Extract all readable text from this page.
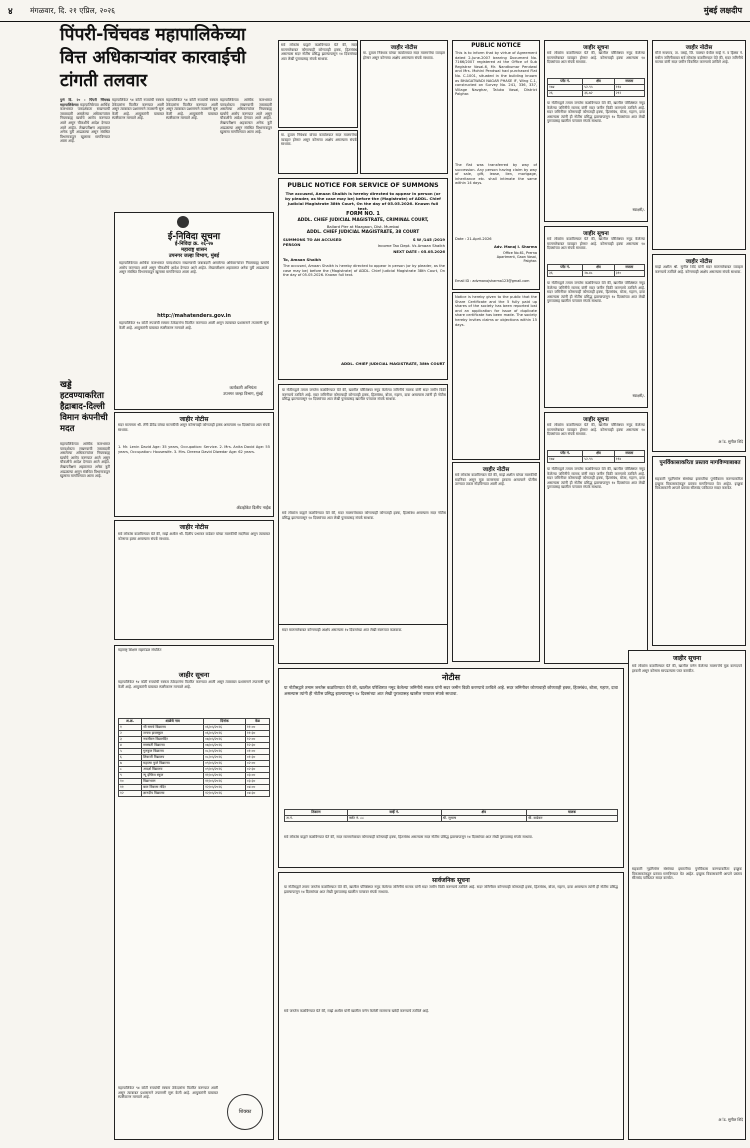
४ मंगळवार, दि. २१ एप्रिल, २०२६	मुंबई लक्षदीप
पिंपरी-चिंचवड महापालिकेच्या वित्त अधिकाऱ्यांवर कारवाईची टांगती तलवार
पुणे दि. २० : पिंपरी चिंचवड महापालिकेच्या महापालिकेच्या आर्थिक कारभारात पारदर्शकता राखण्याची जबाबदारी असलेल्या अधिकाऱ्यांवर नियमबाह्य खर्चाचे आरोप करण्यात आले असून चौकशीचे आदेश देण्यात आले आहेत. लेखापरीक्षण अहवालात अनेक त्रुटी आढळल्या असून संबंधित विभागाकडून खुलासा मागविण्यात आला आहे.
महापालिकेत ९४ कोटी रुपयांची रक्कम ठेकेदारांना वितरित करण्यात आली असून त्याबाबत प्रशासनाने तपासणी सुरू केली आहे. आयुक्तांनी याबाबत स्पष्टीकरण मागवले आहे.
महापालिकेत ९४ कोटी रुपयांची रक्कम ठेकेदारांना वितरित करण्यात आली असून त्याबाबत प्रशासनाने तपासणी सुरू केली आहे. आयुक्तांनी याबाबत स्पष्टीकरण मागवले आहे.
महापालिकेच्या आर्थिक कारभारात पारदर्शकता राखण्याची जबाबदारी असलेल्या अधिकाऱ्यांवर नियमबाह्य खर्चाचे आरोप करण्यात आले असून चौकशीचे आदेश देण्यात आले आहेत. लेखापरीक्षण अहवालात अनेक त्रुटी आढळल्या असून संबंधित विभागाकडून खुलासा मागविण्यात आला आहे.
खड्डे हटवण्याकरिता हैद्राबाद-दिल्ली विमान कंपनीची मदत
महापालिकेच्या आर्थिक कारभारात पारदर्शकता राखण्याची जबाबदारी असलेल्या अधिकाऱ्यांवर नियमबाह्य खर्चाचे आरोप करण्यात आले असून चौकशीचे आदेश देण्यात आले आहेत. लेखापरीक्षण अहवालात अनेक त्रुटी आढळल्या असून संबंधित विभागाकडून खुलासा मागविण्यात आला आहे.
ई-निविदा सूचना
ई-निविदा क्र. २६-२७
महाराष्ट्र शासन
उपनगर जल्हा विभाग, मुंबई
महापालिकेच्या आर्थिक कारभारात पारदर्शकता राखण्याची जबाबदारी असलेल्या अधिकाऱ्यांवर नियमबाह्य खर्चाचे आरोप करण्यात आले असून चौकशीचे आदेश देण्यात आले आहेत. लेखापरीक्षण अहवालात अनेक त्रुटी आढळल्या असून संबंधित विभागाकडून खुलासा मागविण्यात आला आहे.
http://mahatenders.gov.in
महापालिकेत ९४ कोटी रुपयांची रक्कम ठेकेदारांना वितरित करण्यात आली असून त्याबाबत प्रशासनाने तपासणी सुरू केली आहे. आयुक्तांनी याबाबत स्पष्टीकरण मागवले आहे.
कार्यकारी अभियंता
उपनगर जल्हा विभाग, मुंबई
जाहीर नोटीस
सदर मालमत्ता श्री. लॅनी डेविड यांच्या मालकीची असून कोणाचाही कोणताही हक्क असल्यास १४ दिवसांच्या आत संपर्क साधावा.
1. Mr. Lenin David Age: 35 years, Occupation: Service. 2. Mrs. Anita David Age: 55 years, Occupation: Housewife. 3. Mrs. Dreena David Diwedar Age: 62 years.
ॲडव्होकेट दिलीप नाईक
जाहीर नोटीस
सर्व लोकांस कळविण्यात येते की, माझे अशील श्री. दिलीप प्रभाकर वाडेकर यांच्या मालकीची सदनिका असून त्याबाबत कोणाचा हक्क असल्यास संपर्क साधावा.
महाराष्ट्र शिक्षण महामंडळ संचलित
जाहीर सूचना
महापालिकेत ९४ कोटी रुपयांची रक्कम ठेकेदारांना वितरित करण्यात आली असून त्याबाबत प्रशासनाने तपासणी सुरू केली आहे. आयुक्तांनी याबाबत स्पष्टीकरण मागवले आहे.
अ.क्र.	शाळेचे नाव	दिनांक	वेळ
१	श्री समर्थ विद्यालय	०६/०५/२०२६	११:००
२	जनता हायस्कूल	०६/०५/२०२६	११:३०
३	नवजीवन विद्यामंदिर	०७/०५/२०२६	१२:००
४	सरस्वती विद्यालय	०७/०५/२०२६	१२:३०
५	गुरुकुल विद्यालय	०८/०५/२०२६	०१:००
६	शिवाजी विद्यालय	०८/०५/२०२६	०१:३०
७	महात्मा फुले विद्यालय	०९/०५/२०२६	०२:००
८	आदर्श विद्यालय	०९/०५/२०२६	०२:३०
९	न्यू इंग्लिश स्कूल	११/०५/२०२६	०३:००
१०	विद्याभवन	११/०५/२०२६	०३:३०
११	बाल विकास मंदिर	१२/०५/२०२६	०४:००
१२	ज्ञानदीप विद्यालय	१२/०५/२०२६	०४:३०
महापालिकेत ९४ कोटी रुपयांची रक्कम ठेकेदारांना वितरित करण्यात आली असून त्याबाबत प्रशासनाने तपासणी सुरू केली आहे. आयुक्तांनी याबाबत स्पष्टीकरण मागवले आहे.
शिक्का
सर्व लोकांस याद्वारे कळविण्यात येते की, सदर मालमत्तेबाबत कोणाचाही कोणताही हक्क, हितसंबंध असल्यास सदर नोटीस प्रसिद्ध झाल्यापासून १४ दिवसांच्या आत लेखी पुराव्यासह संपर्क साधावा.
जाहीर नोटीस
मा. दुय्यम निबंधक यांच्या कार्यालयात सदर मालमत्तेचा व्यवहार होणार असून कोणाचा आक्षेप असल्यास संपर्क साधावा.
मा. दुय्यम निबंधक यांच्या कार्यालयात सदर मालमत्तेचा व्यवहार होणार असून कोणाचा आक्षेप असल्यास संपर्क साधावा.
PUBLIC NOTICE FOR SERVICE OF SUMMONS
The accused, Amaan Shaikh is hereby directed to appear in person (or by pleader, as the case may be) before the (Magistrate) of ADDL. Chief Judicial Magistrate 38th Court, On the day of 05.05.2026. Known full text.
FORM NO. 1
ADDL. CHIEF JUDICIAL MAGISTRATE, CRIMINAL COURT,
Ballard Pier at Mazgaon, Dist. Mumbai
ADDL. CHIEF JUDICIAL MAGISTRATE, 38 COURT
SUMMONS TO AN ACCUSED PERSON
S W /145 /2019
Income Tax Dept. Vs Amaan Shaikh
NEXT DATE : 05.05.2026
To, Amaan Shaikh
The accused, Amaan Shaikh is hereby directed to appear in person (or by pleader, as the case may be) before the (Magistrate) of ADDL. Chief Judicial Magistrate 38th Court, On the day of 05.05.2026. Known full text.
ADDL. CHIEF JUDICIAL MAGISTRATE, 38th COURT
या नोटीसद्वारे तमाम जनतेस कळविण्यात येते की, खालील परिशिष्टात नमूद केलेल्या जमिनीचे मालक यांनी सदर जमीन विक्री करण्याचे ठरविले आहे. सदर जमिनीवर कोणाचाही कोणताही हक्क, हितसंबंध, बोजा, गहाण, दावा असल्यास त्यांनी ही नोटीस प्रसिद्ध झाल्यापासून १४ दिवसांच्या आत लेखी पुराव्यासह खालील पत्त्यावर संपर्क साधावा.
सर्व लोकांस याद्वारे कळविण्यात येते की, सदर मालमत्तेबाबत कोणाचाही कोणताही हक्क, हितसंबंध असल्यास सदर नोटीस प्रसिद्ध झाल्यापासून १४ दिवसांच्या आत लेखी पुराव्यासह संपर्क साधावा.
नोटीस
या नोटीसद्वारे तमाम जनतेस कळविण्यात येते की, खालील परिशिष्टात नमूद केलेल्या जमिनीचे मालक यांनी सदर जमीन विक्री करण्याचे ठरविले आहे. सदर जमिनीवर कोणाचाही कोणताही हक्क, हितसंबंध, बोजा, गहाण, दावा असल्यास त्यांनी ही नोटीस प्रसिद्ध झाल्यापासून १४ दिवसांच्या आत लेखी पुराव्यासह खालील पत्त्यावर संपर्क साधावा.
ठिकाण	सर्व्हे नं.	क्षेत्र	मालक
अ.नं.	फ्लॅट नं. ८८	श्री. सुभाष	श्री. वाडेकर
सर्व लोकांस याद्वारे कळविण्यात येते की, सदर मालमत्तेबाबत कोणाचाही कोणताही हक्क, हितसंबंध असल्यास सदर नोटीस प्रसिद्ध झाल्यापासून १४ दिवसांच्या आत लेखी पुराव्यासह संपर्क साधावा.
सार्वजनिक सूचना
या नोटीसद्वारे तमाम जनतेस कळविण्यात येते की, खालील परिशिष्टात नमूद केलेल्या जमिनीचे मालक यांनी सदर जमीन विक्री करण्याचे ठरविले आहे. सदर जमिनीवर कोणाचाही कोणताही हक्क, हितसंबंध, बोजा, गहाण, दावा असल्यास त्यांनी ही नोटीस प्रसिद्ध झाल्यापासून १४ दिवसांच्या आत लेखी पुराव्यासह खालील पत्त्यावर संपर्क साधावा.
सर्व जनतेस कळविण्यात येते की, माझे अशील यांनी खालील वर्णन केलेली मालमत्ता खरेदी करण्याचे ठरविले आहे.
PUBLIC NOTICE
This is to inform that by virtue of Agreement dated 2-June-2007 bearing Document No. 7166/2007 registered at the Office of Sub Registrar Vasai-6, Mr. Nandkumar Pendwal and Mrs. Mohini Pendwal had purchased Flat No. C-1001, situated in the building known as BHAGATWADI NAGAR PHASE IF, Wing C-1, constructed on Survey No. 241, 336, 337, Village Navghar, Taluka Vasai, District Palghar.
The flat was transferred by way of succession. Any person having claim by way of sale, gift, lease, lien, mortgage, inheritance etc. shall intimate the same within 14 days.
Date : 21-April-2026
Adv. Manoj I. Sharma
Office No.61, Prerna Apartment, Gaon Vasai, Palghar.
Email ID : advmanojsharma123@gmail.com
Notice is hereby given to the public that the Share Certificate and the 5 fully paid up shares of the society has been reported lost and an application for issue of duplicate share certificate has been made. The society hereby invites claims or objections within 15 days.
जाहीर नोटीस
सर्व लोकांस कळविण्यात येते की, माझे अशील यांच्या मालकीची सदनिका असून मूळ करारनामा हरवला असल्याने पोलीस ठाण्यात तक्रार नोंदविण्यात आली आहे.
सदर मालमत्तेबाबत कोणाचाही आक्षेप असल्यास १४ दिवसांच्या आत लेखी स्वरूपात कळवावा.
जाहीर सूचना
सर्व लोकांस कळविण्यात येते की, खालील परिशिष्टात नमूद केलेल्या मालमत्तेबाबत व्यवहार होणार आहे. कोणाचाही हक्क असल्यास १४ दिवसांच्या आत संपर्क साधावा.
प्लॅट नं.	क्षेत्र	मजला
१७४	५२.९५	११४
२६	३६.७२	२१२
या नोटीसद्वारे तमाम जनतेस कळविण्यात येते की, खालील परिशिष्टात नमूद केलेल्या जमिनीचे मालक यांनी सदर जमीन विक्री करण्याचे ठरविले आहे. सदर जमिनीवर कोणाचाही कोणताही हक्क, हितसंबंध, बोजा, गहाण, दावा असल्यास त्यांनी ही नोटीस प्रसिद्ध झाल्यापासून १४ दिवसांच्या आत लेखी पुराव्यासह खालील पत्त्यावर संपर्क साधावा.
स्वाक्षरी/-
जाहीर सूचना
सर्व लोकांस कळविण्यात येते की, खालील परिशिष्टात नमूद केलेल्या मालमत्तेबाबत व्यवहार होणार आहे. कोणाचाही हक्क असल्यास १४ दिवसांच्या आत संपर्क साधावा.
प्लॅट नं.	क्षेत्र	मजला
३६	२७.४८	३१०
या नोटीसद्वारे तमाम जनतेस कळविण्यात येते की, खालील परिशिष्टात नमूद केलेल्या जमिनीचे मालक यांनी सदर जमीन विक्री करण्याचे ठरविले आहे. सदर जमिनीवर कोणाचाही कोणताही हक्क, हितसंबंध, बोजा, गहाण, दावा असल्यास त्यांनी ही नोटीस प्रसिद्ध झाल्यापासून १४ दिवसांच्या आत लेखी पुराव्यासह खालील पत्त्यावर संपर्क साधावा.
स्वाक्षरी/-
जाहीर सूचना
सर्व लोकांस कळविण्यात येते की, खालील परिशिष्टात नमूद केलेल्या मालमत्तेबाबत व्यवहार होणार आहे. कोणाचाही हक्क असल्यास १४ दिवसांच्या आत संपर्क साधावा.
प्लॅट नं.	क्षेत्र	मजला
१७४	५२.९५	११४
या नोटीसद्वारे तमाम जनतेस कळविण्यात येते की, खालील परिशिष्टात नमूद केलेल्या जमिनीचे मालक यांनी सदर जमीन विक्री करण्याचे ठरविले आहे. सदर जमिनीवर कोणाचाही कोणताही हक्क, हितसंबंध, बोजा, गहाण, दावा असल्यास त्यांनी ही नोटीस प्रसिद्ध झाल्यापासून १४ दिवसांच्या आत लेखी पुराव्यासह खालील पत्त्यावर संपर्क साधावा.
जाहीर नोटीस
मौजे नायगाव, ता. वसई, जि. पालघर येथील सर्व्हे नं. व हिस्सा नं. मधील जमिनीबाबत सर्व लोकांस कळविण्यात येते की, सदर जमिनीचे मालक यांनी सदर जमीन विकसित करण्याचे ठरविले आहे.
जाहीर नोटीस
माझे अशील श्री. सुनील शिंदे यांनी सदर मालमत्तेबाबत व्यवहार करण्याचे ठरविले आहे. कोणाचाही आक्षेप असल्यास संपर्क साधावा.
अॅड. सुनील शिंदे
पुनर्विकासाकरिता प्रस्ताव मागविण्याबाबत
सहकारी गृहनिर्माण संस्थेच्या इमारतीचा पुनर्विकास करण्याकरिता इच्छुक विकासकांकडून प्रस्ताव मागविण्यात येत आहेत. इच्छुक विकासकांनी आपले प्रस्ताव सीलबंद पाकिटात सादर करावेत.
जाहीर सूचना
सर्व लोकांस कळविण्यात येते की, खालील वर्णन केलेल्या मालमत्तेचे मूळ कागदपत्रे हरवली असून कोणास सापडल्यास परत करावीत.
सहकारी गृहनिर्माण संस्थेच्या इमारतीचा पुनर्विकास करण्याकरिता इच्छुक विकासकांकडून प्रस्ताव मागविण्यात येत आहेत. इच्छुक विकासकांनी आपले प्रस्ताव सीलबंद पाकिटात सादर करावेत.
अॅड. सुनील शिंदे
